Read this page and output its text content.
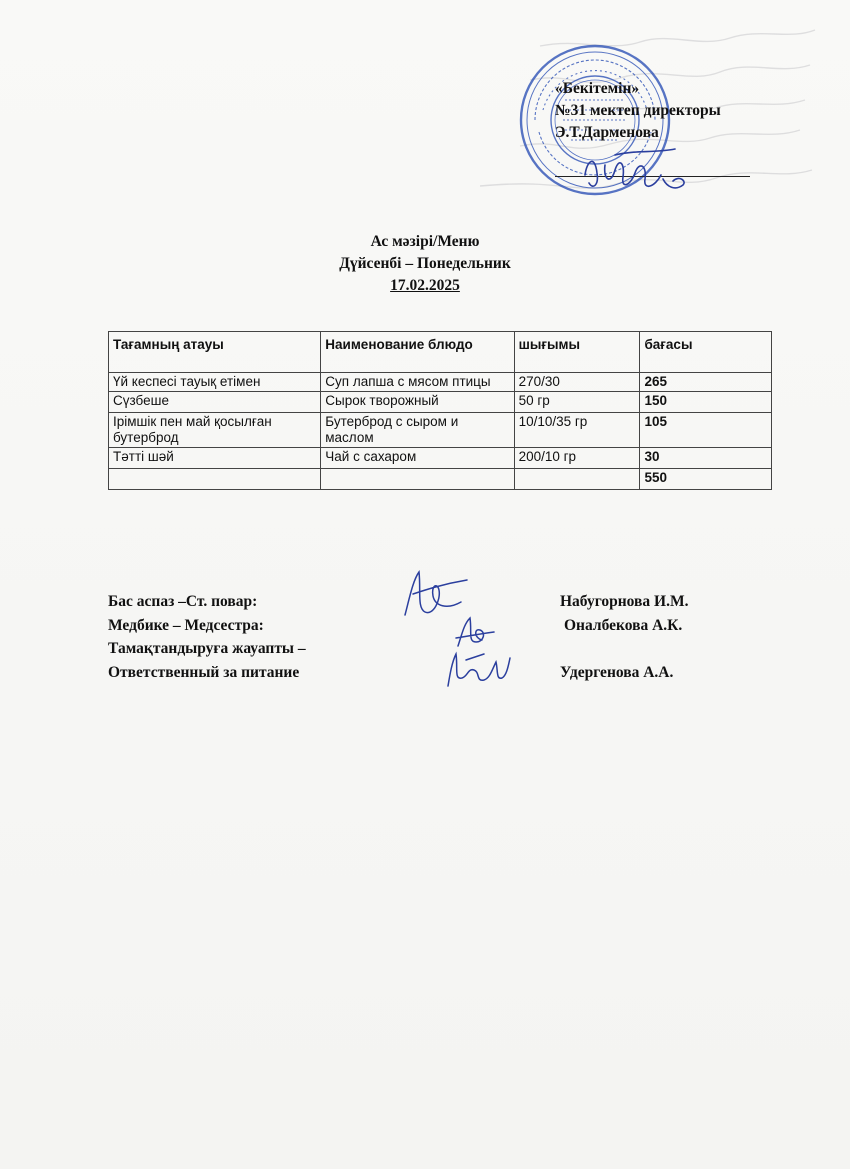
«Бекітемін»
№31 мектеп директоры
Э.Т.Дарменова
Ас мәзірі/Меню
Дүйсенбі – Понедельник
17.02.2025
Тағамның атауы	Наименование блюдо	шығымы	бағасы
Үй кеспесі тауық етімен	Суп лапша с мясом птицы	270/30	265
Сүзбеше	Сырок творожный	50 гр	150
Ірімшік пен май қосылған бутерброд	Бутерброд с сыром и маслом	10/10/35 гр	105
Тәтті шәй	Чай с сахаром	200/10 гр	30
			550
Бас аспаз –Ст. повар:
Медбике – Медсестра:
Тамақтандыруға жауапты –
Ответственный за питание
Набугорнова И.М.
Оналбекова А.К.
Удергенова А.А.
